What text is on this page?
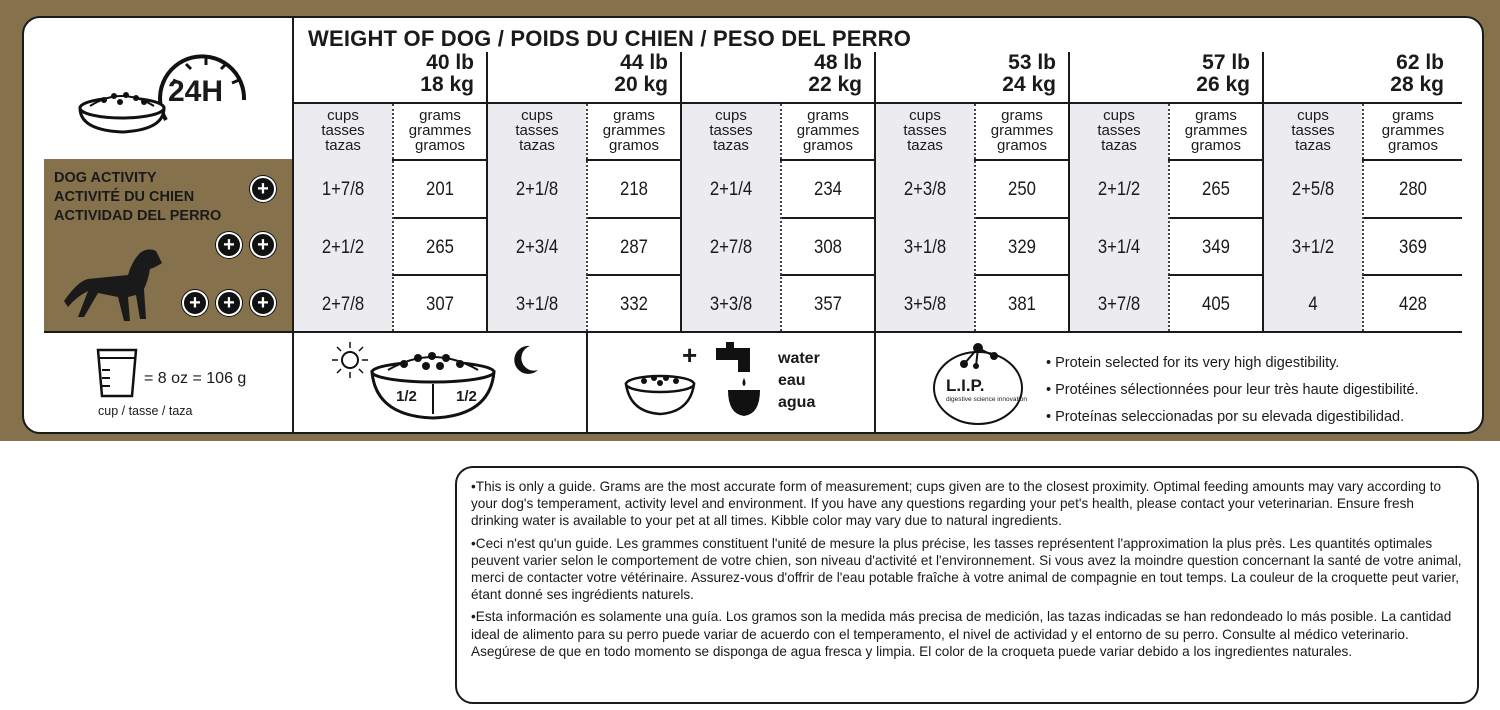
24H
WEIGHT OF DOG / POIDS DU CHIEN / PESO DEL PERRO
40 lb
18 kg
44 lb
20 kg
48 lb
22 kg
53 lb
24 kg
57 lb
26 kg
62 lb
28 kg
cups
tasses
tazas
grams
grammes
gramos
cups
tasses
tazas
grams
grammes
gramos
cups
tasses
tazas
grams
grammes
gramos
cups
tasses
tazas
grams
grammes
gramos
cups
tasses
tazas
grams
grammes
gramos
cups
tasses
tazas
grams
grammes
gramos
1+7/8	201	2+1/8	218	2+1/4	234	2+3/8	250	2+1/2	265	2+5/8	280
2+1/2	265	2+3/4	287	2+7/8	308	3+1/8	329	3+1/4	349	3+1/2	369
2+7/8	307	3+1/8	332	3+3/8	357	3+5/8	381	3+7/8	405	4	428
DOG ACTIVITY
ACTIVITÉ DU CHIEN
ACTIVIDAD DEL PERRO
+
+	+
+	+	+
= 8 oz = 106 g
cup / tasse / taza
1/2	1/2
+	water
eau
agua
L.I.P.
digestive science innovation
• Protein selected for its very high digestibility.
• Protéines sélectionnées pour leur très haute digestibilité.
• Proteínas seleccionadas por su elevada digestibilidad.

•This is only a guide. Grams are the most accurate form of measurement; cups given are to the closest proximity. Optimal feeding amounts may vary according to your dog's temperament, activity level and environment. If you have any questions regarding your pet's health, please contact your veterinarian. Ensure fresh drinking water is available to your pet at all times. Kibble color may vary due to natural ingredients.

•Ceci n'est qu'un guide. Les grammes constituent l'unité de mesure la plus précise, les tasses représentent l'approximation la plus près. Les quantités optimales peuvent varier selon le comportement de votre chien, son niveau d'activité et l'environnement. Si vous avez la moindre question concernant la santé de votre animal, merci de contacter votre vétérinaire. Assurez-vous d'offrir de l'eau potable fraîche à votre animal de compagnie en tout temps. La couleur de la croquette peut varier, étant donné ses ingrédients naturels.

•Esta información es solamente una guía. Los gramos son la medida más precisa de medición, las tazas indicadas se han redondeado lo más posible. La cantidad ideal de alimento para su perro puede variar de acuerdo con el temperamento, el nivel de actividad y el entorno de su perro. Consulte al médico veterinario. Asegúrese de que en todo momento se disponga de agua fresca y limpia. El color de la croqueta puede variar debido a los ingredientes naturales.
